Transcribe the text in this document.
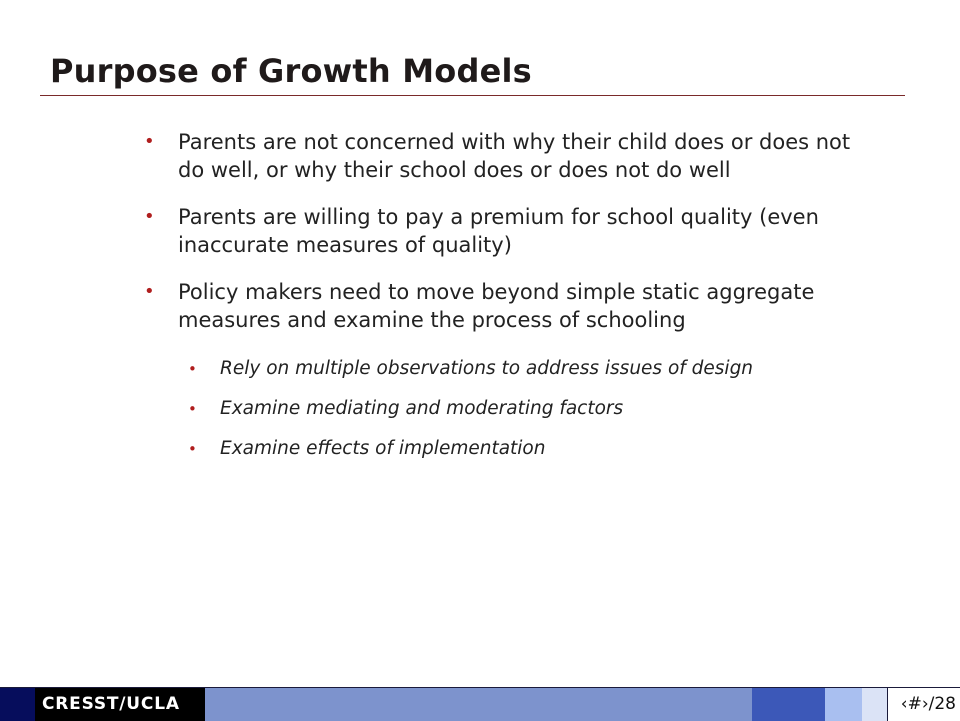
Purpose of Growth Models
• Parents are not concerned with why their child does or does not do well, or why their school does or does not do well
• Parents are willing to pay a premium for school quality (even inaccurate measures of quality)
• Policy makers need to move beyond simple static aggregate measures and examine the process of schooling
• Rely on multiple observations to address issues of design
• Examine mediating and moderating factors
• Examine effects of implementation
‹#›/28
CRESST/UCLA
